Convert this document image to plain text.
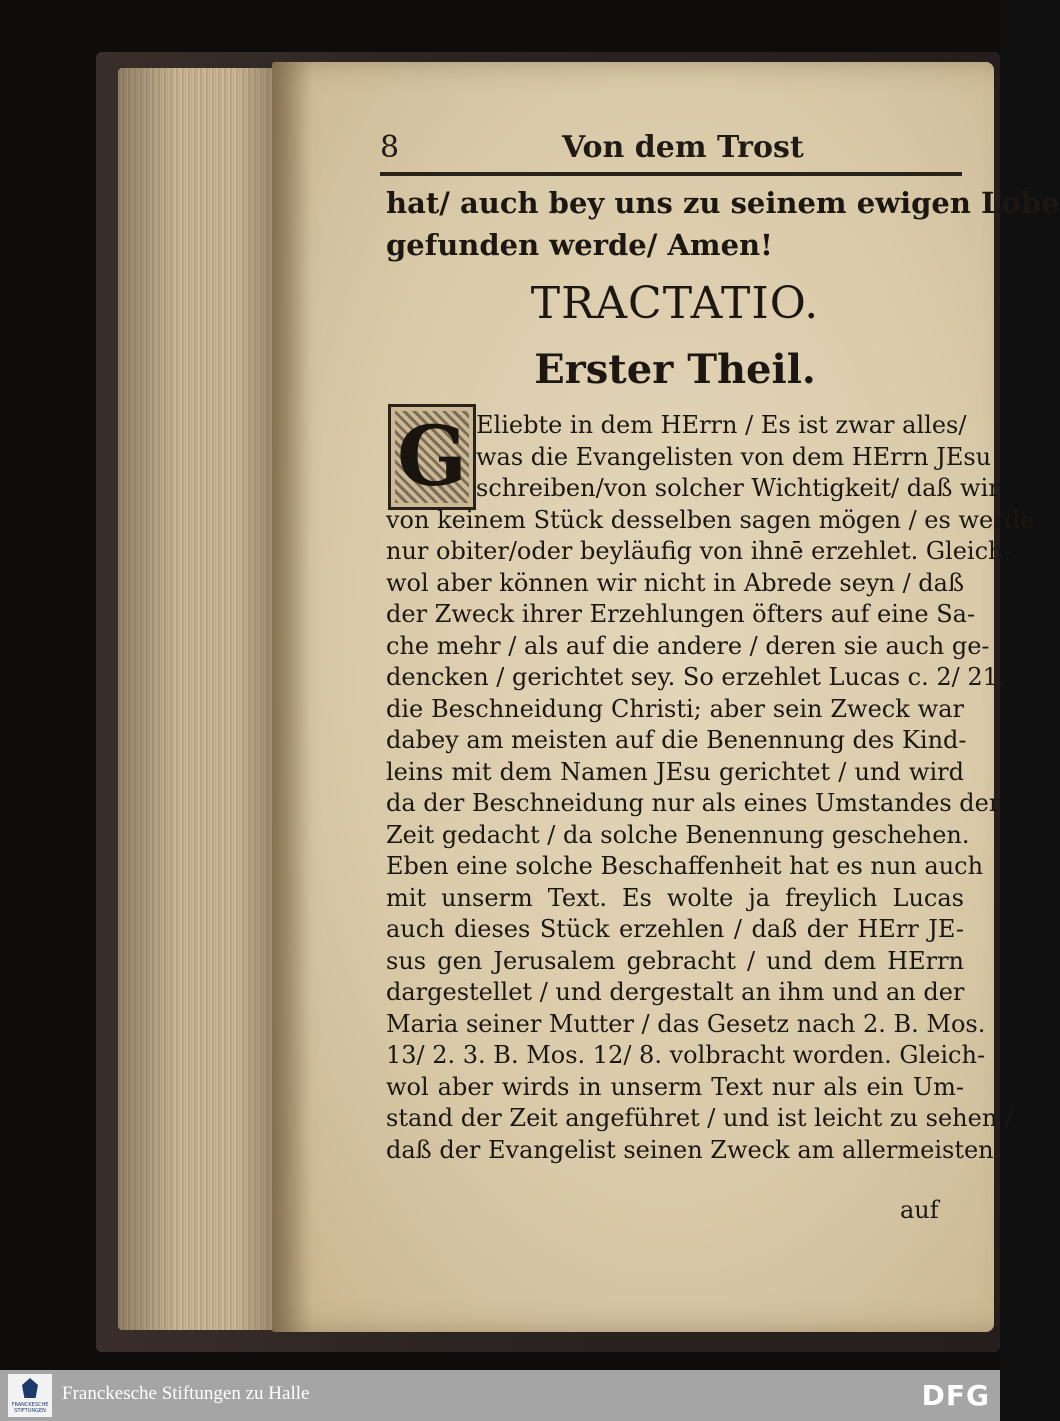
8	Von dem Trost
hat/ auch bey uns zu seinem ewigen Lobe
gefunden werde/ Amen!
TRACTATIO.
Erster Theil.
G Eliebte in dem HErrn / Es ist zwar alles/
was die Evangelisten von dem HErrn JEsu
schreiben/von solcher Wichtigkeit/ daß wir
von keinem Stück desselben sagen mögen / es werde
nur obiter/oder beyläufig von ihnē erzehlet. Gleich-
wol aber können wir nicht in Abrede seyn / daß
der Zweck ihrer Erzehlungen öfters auf eine Sa-
che mehr / als auf die andere / deren sie auch ge-
dencken / gerichtet sey. So erzehlet Lucas c. 2/ 21.
die Beschneidung Christi; aber sein Zweck war
dabey am meisten auf die Benennung des Kind-
leins mit dem Namen JEsu gerichtet / und wird
da der Beschneidung nur als eines Umstandes der
Zeit gedacht / da solche Benennung geschehen.
Eben eine solche Beschaffenheit hat es nun auch
mit unserm Text. Es wolte ja freylich Lucas
auch dieses Stück erzehlen / daß der HErr JE-
sus gen Jerusalem gebracht / und dem HErrn
dargestellet / und dergestalt an ihm und an der
Maria seiner Mutter / das Gesetz nach 2. B. Mos.
13/ 2. 3. B. Mos. 12/ 8. volbracht worden. Gleich-
wol aber wirds in unserm Text nur als ein Um-
stand der Zeit angeführet / und ist leicht zu sehen /
daß der Evangelist seinen Zweck am allermeisten
auf
FRANCKESCHE STIFTUNGEN
Franckesche Stiftungen zu Halle	DFG
